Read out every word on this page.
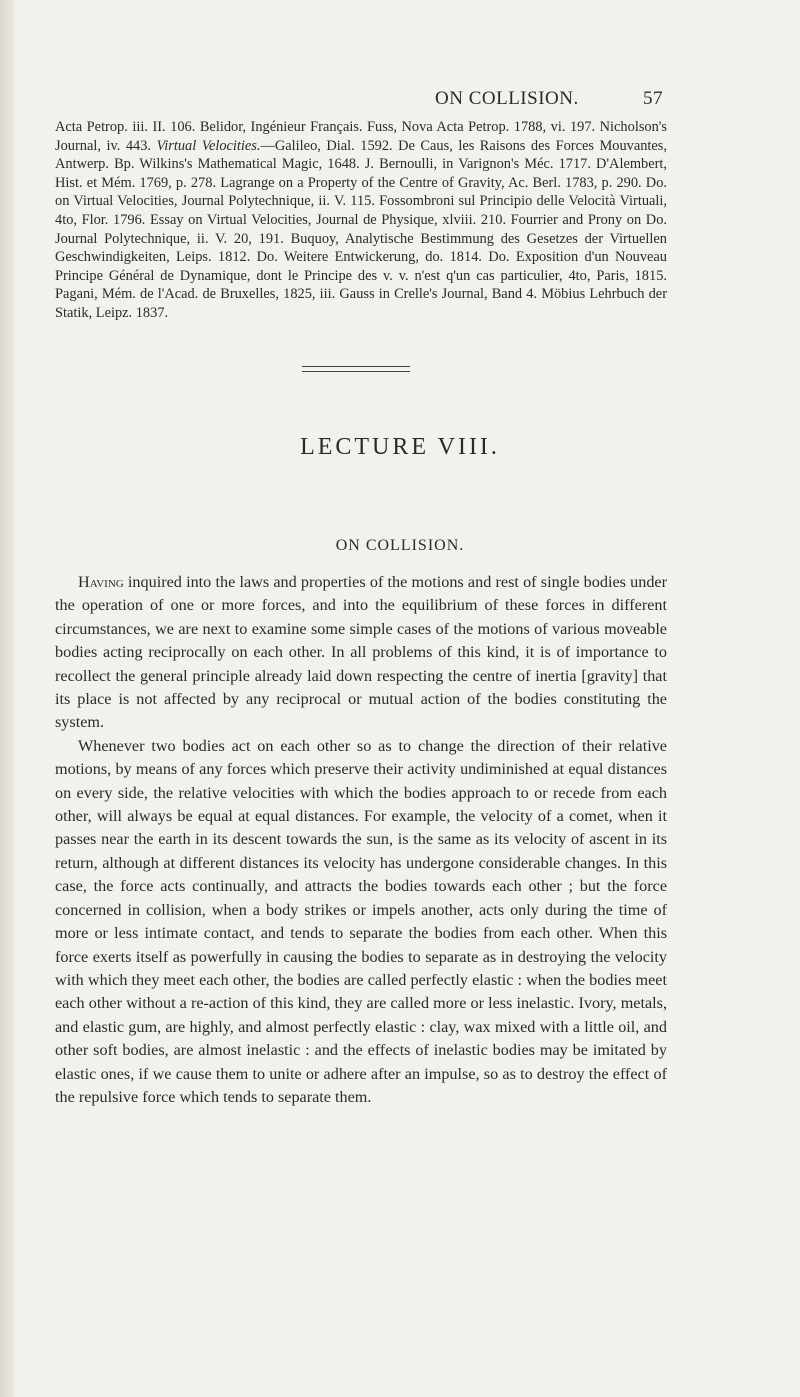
ON COLLISION.	57

Acta Petrop. iii. II. 106. Belidor, Ingénieur Français. Fuss, Nova Acta Petrop. 1788, vi. 197. Nicholson's Journal, iv. 443. Virtual Velocities.—Galileo, Dial. 1592. De Caus, les Raisons des Forces Mouvantes, Antwerp. Bp. Wilkins's Mathematical Magic, 1648. J. Bernoulli, in Varignon's Méc. 1717. D'Alembert, Hist. et Mém. 1769, p. 278. Lagrange on a Property of the Centre of Gravity, Ac. Berl. 1783, p. 290. Do. on Virtual Velocities, Journal Polytechnique, ii. V. 115. Fossombroni sul Principio delle Velocità Virtuali, 4to, Flor. 1796. Essay on Virtual Velocities, Journal de Physique, xlviii. 210. Fourrier and Prony on Do. Journal Polytechnique, ii. V. 20, 191. Buquoy, Analytische Bestimmung des Gesetzes der Virtuellen Geschwindigkeiten, Leips. 1812. Do. Weitere Entwickerung, do. 1814. Do. Exposition d'un Nouveau Principe Général de Dynamique, dont le Principe des v. v. n'est q'un cas particulier, 4to, Paris, 1815. Pagani, Mém. de l'Acad. de Bruxelles, 1825, iii. Gauss in Crelle's Journal, Band 4. Möbius Lehrbuch der Statik, Leipz. 1837.

LECTURE VIII.
ON COLLISION.

Having inquired into the laws and properties of the motions and rest of single bodies under the operation of one or more forces, and into the equilibrium of these forces in different circumstances, we are next to examine some simple cases of the motions of various moveable bodies acting reciprocally on each other. In all problems of this kind, it is of importance to recollect the general principle already laid down respecting the centre of inertia [gravity] that its place is not affected by any reciprocal or mutual action of the bodies constituting the system.

Whenever two bodies act on each other so as to change the direction of their relative motions, by means of any forces which preserve their activity undiminished at equal distances on every side, the relative velocities with which the bodies approach to or recede from each other, will always be equal at equal distances. For example, the velocity of a comet, when it passes near the earth in its descent towards the sun, is the same as its velocity of ascent in its return, although at different distances its velocity has undergone considerable changes. In this case, the force acts continually, and attracts the bodies towards each other ; but the force concerned in collision, when a body strikes or impels another, acts only during the time of more or less intimate contact, and tends to separate the bodies from each other. When this force exerts itself as powerfully in causing the bodies to separate as in destroying the velocity with which they meet each other, the bodies are called perfectly elastic : when the bodies meet each other without a re-action of this kind, they are called more or less inelastic. Ivory, metals, and elastic gum, are highly, and almost perfectly elastic : clay, wax mixed with a little oil, and other soft bodies, are almost inelastic : and the effects of inelastic bodies may be imitated by elastic ones, if we cause them to unite or adhere after an impulse, so as to destroy the effect of the repulsive force which tends to separate them.
